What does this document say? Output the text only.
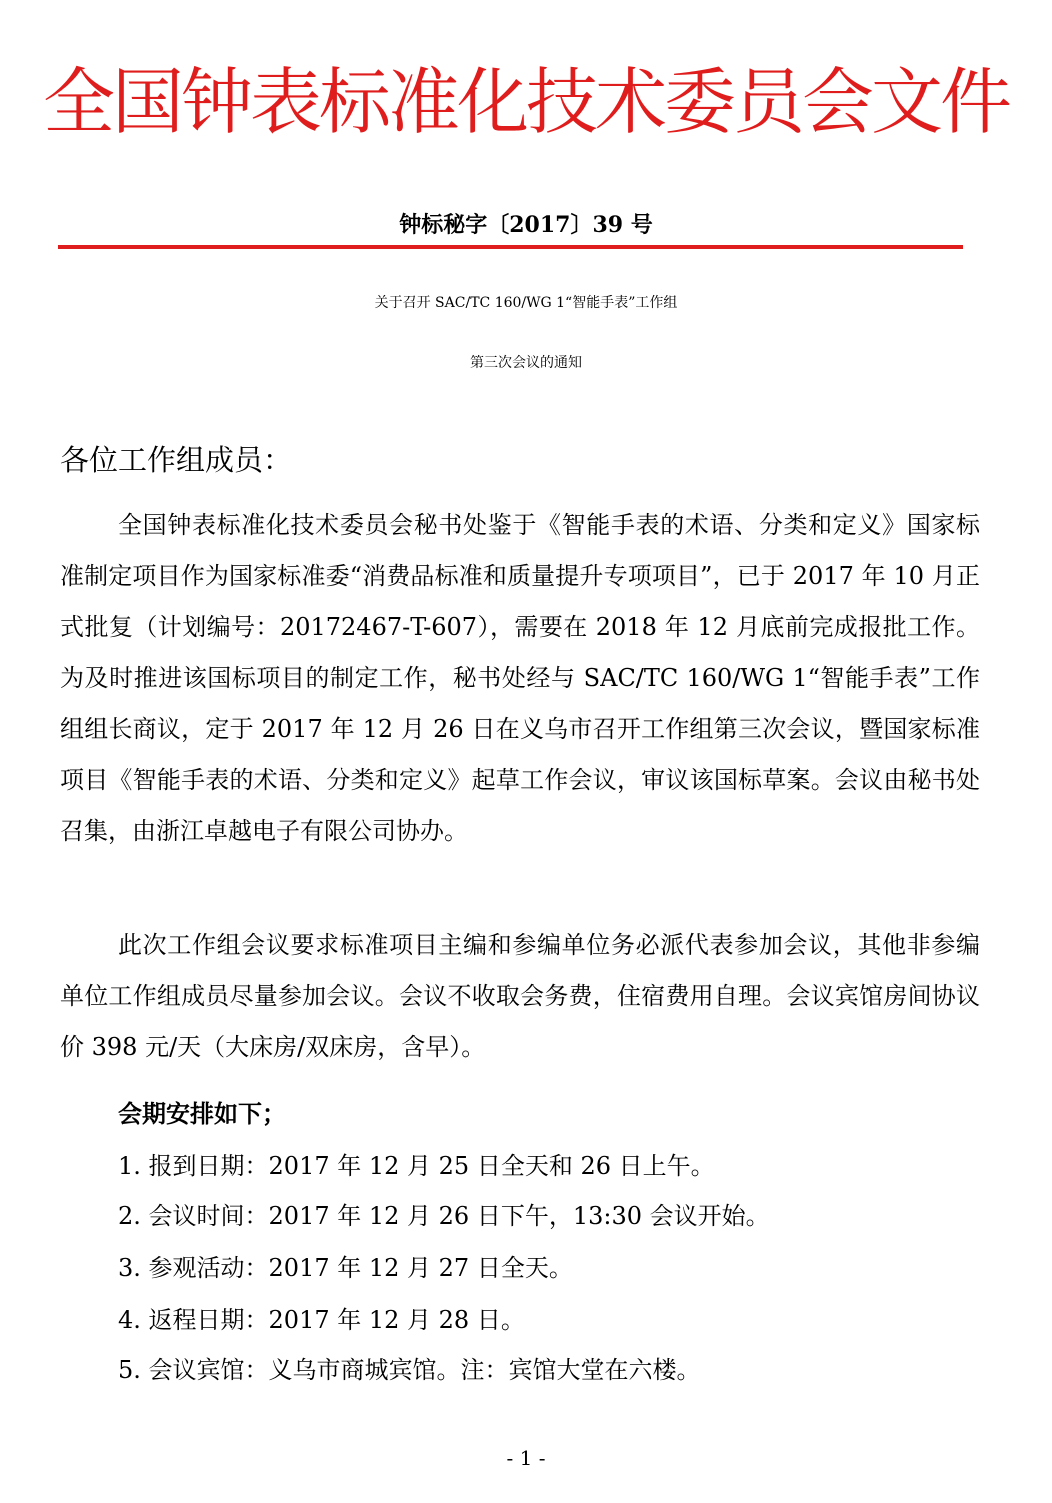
全国钟表标准化技术委员会文件
钟标秘字〔2017〕39 号
关于召开 SAC/TC 160/WG 1“智能手表”工作组
第三次会议的通知
各位工作组成员：

全国钟表标准化技术委员会秘书处鉴于《智能手表的术语、分类和定义》国家标准制定项目作为国家标准委“消费品标准和质量提升专项项目”，已于 2017 年 10 月正式批复（计划编号：20172467-T-607），需要在 2018 年 12 月底前完成报批工作。为及时推进该国标项目的制定工作，秘书处经与 SAC/TC 160/WG 1“智能手表”工作组组长商议，定于 2017 年 12 月 26 日在义乌市召开工作组第三次会议，暨国家标准项目《智能手表的术语、分类和定义》起草工作会议，审议该国标草案。会议由秘书处召集，由浙江卓越电子有限公司协办。

此次工作组会议要求标准项目主编和参编单位务必派代表参加会议，其他非参编单位工作组成员尽量参加会议。会议不收取会务费，住宿费用自理。会议宾馆房间协议价 398 元/天（大床房/双床房，含早）。

会期安排如下；
1. 报到日期：2017 年 12 月 25 日全天和 26 日上午。
2. 会议时间：2017 年 12 月 26 日下午，13:30 会议开始。
3. 参观活动：2017 年 12 月 27 日全天。
4. 返程日期：2017 年 12 月 28 日。
5. 会议宾馆：义乌市商城宾馆。注：宾馆大堂在六楼。
- 1 -
